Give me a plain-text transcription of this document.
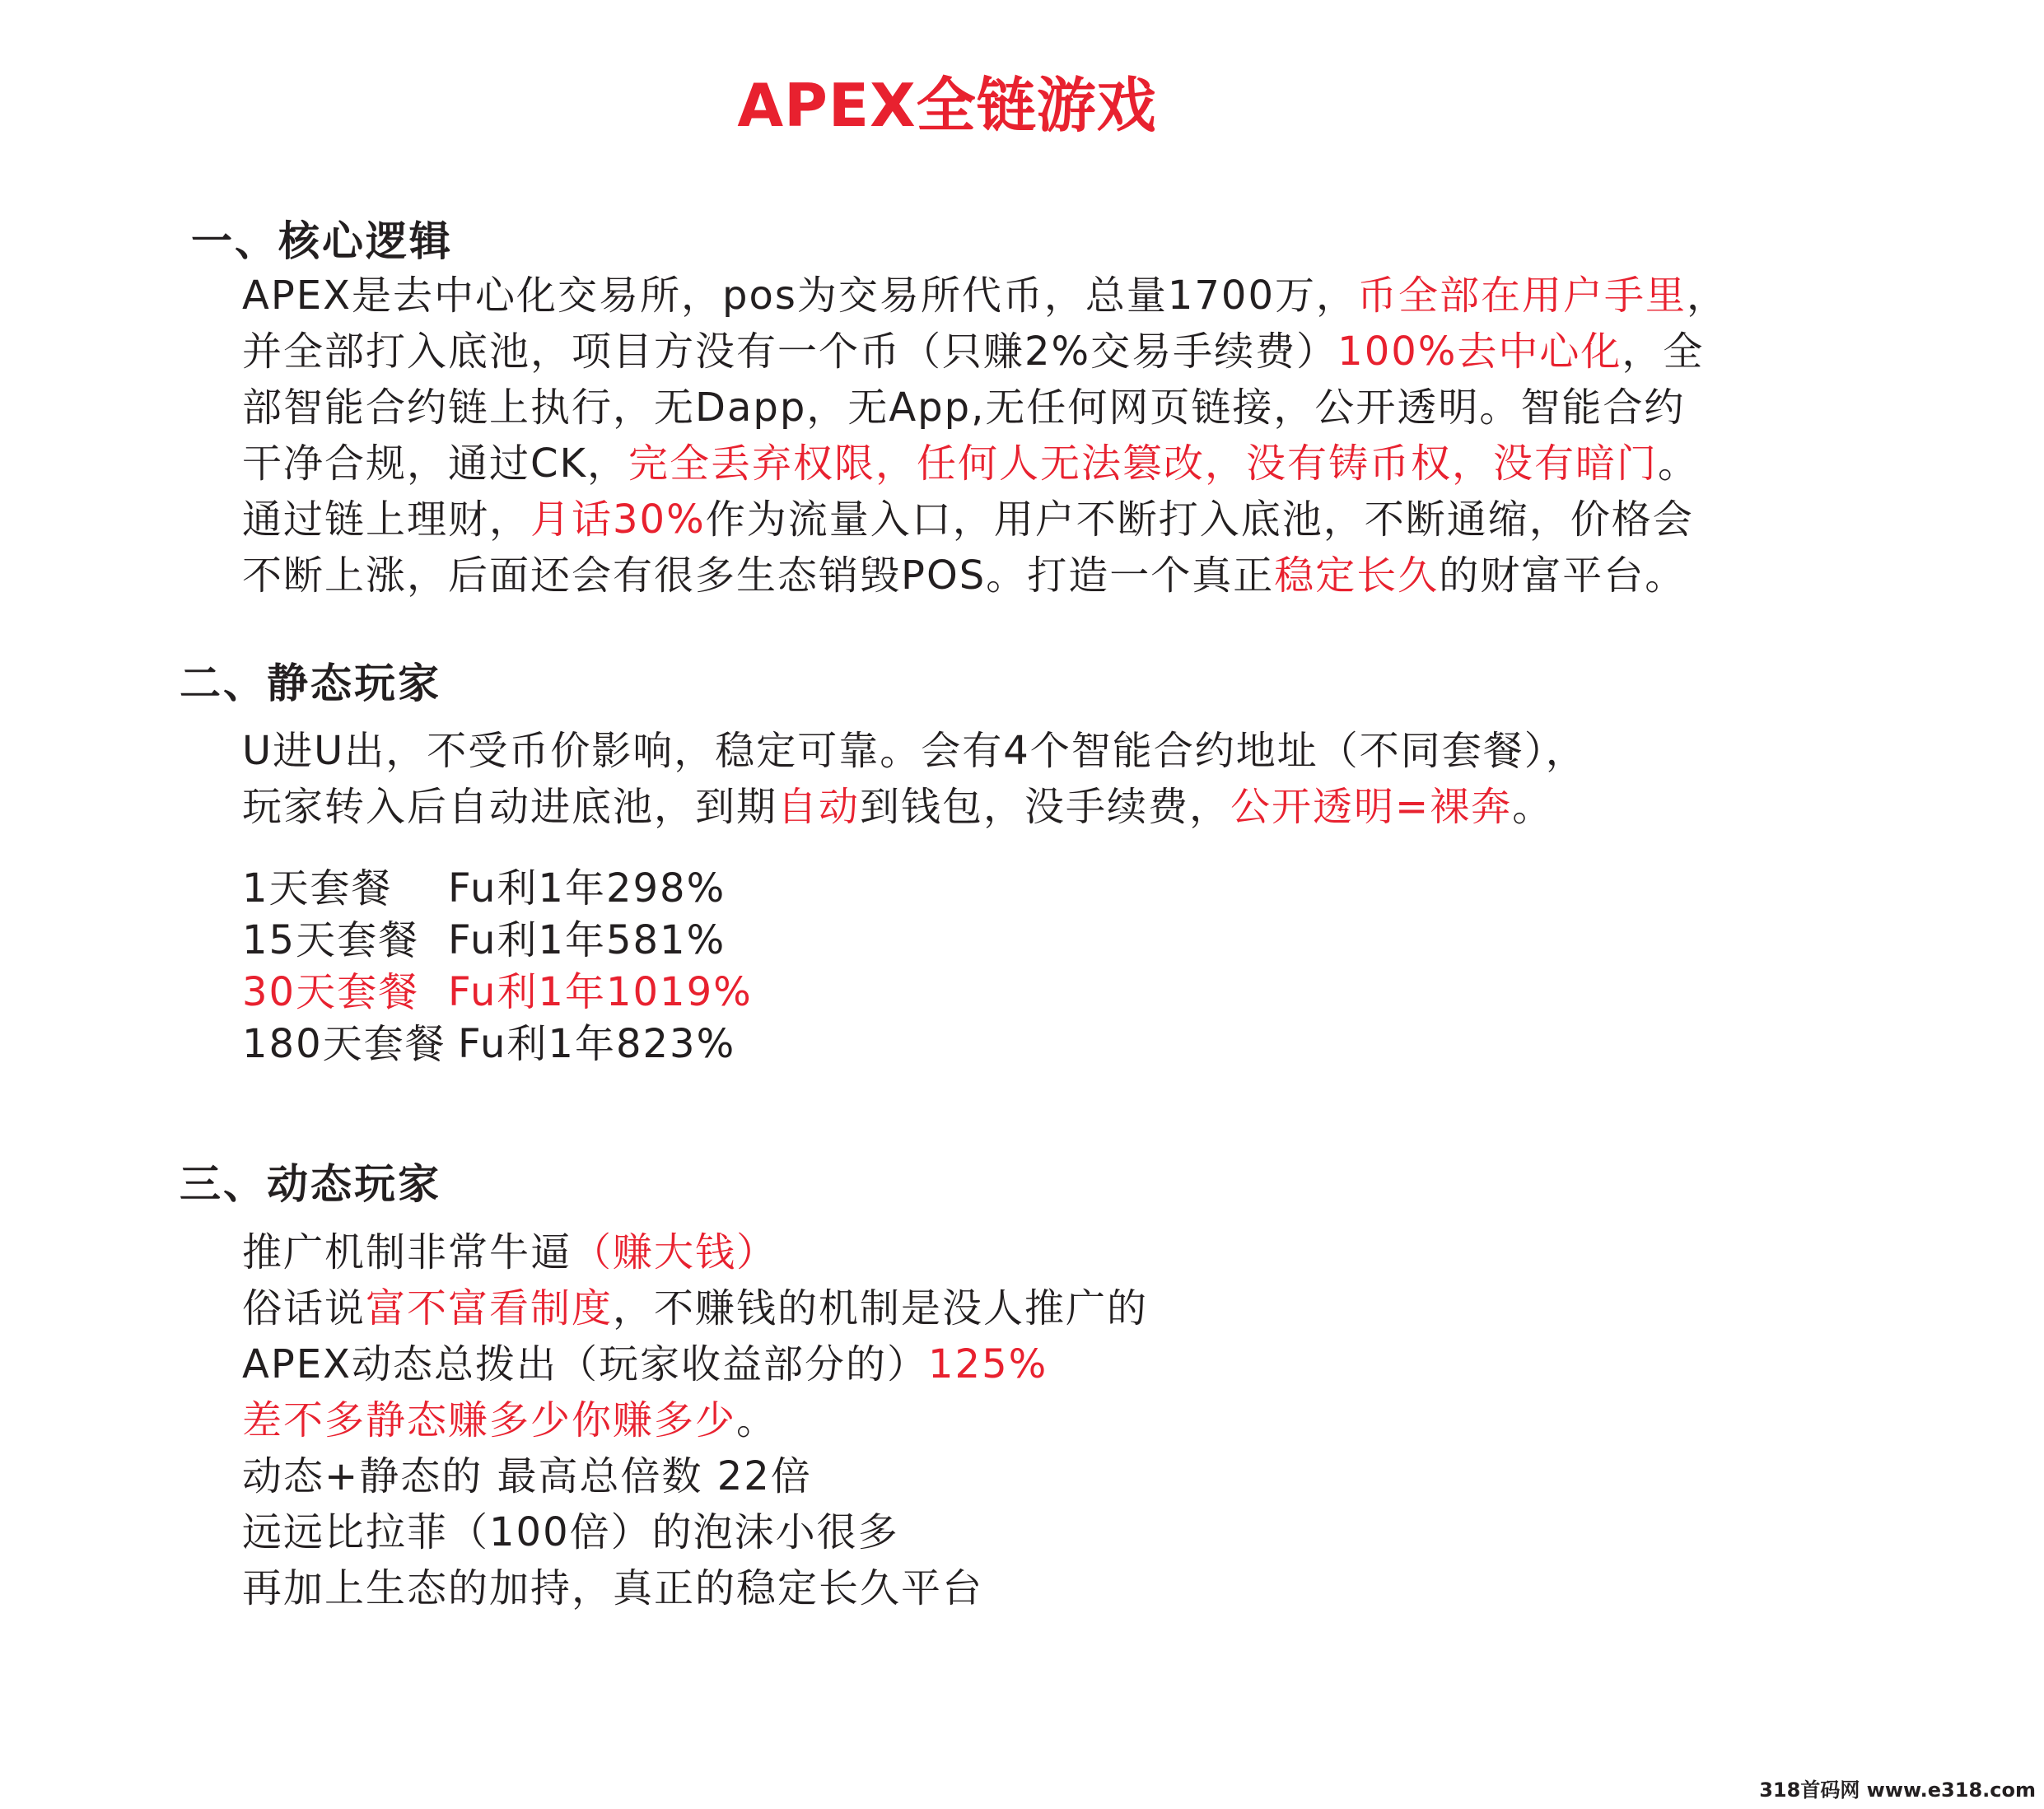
APEX全链游戏
一、核心逻辑
APEX是去中心化交易所，pos为交易所代币，总量1700万，币全部在用户手里，
并全部打入底池，项目方没有一个币（只赚2%交易手续费）100%去中心化，全
部智能合约链上执行，无Dapp，无App,无任何网页链接，公开透明。智能合约
干净合规，通过CK，完全丢弃权限，任何人无法篡改，没有铸币权，没有暗门。
通过链上理财，月话30%作为流量入口，用户不断打入底池，不断通缩，价格会
不断上涨，后面还会有很多生态销毁POS。打造一个真正稳定长久的财富平台。
二、静态玩家
U进U出，不受币价影响，稳定可靠。会有4个智能合约地址（不同套餐），
玩家转入后自动进底池，到期自动到钱包，没手续费，公开透明=裸奔。
1天套餐 Fu利1年298%
15天套餐 Fu利1年581%
30天套餐 Fu利1年1019%
180天套餐 Fu利1年823%
三、动态玩家
推广机制非常牛逼（赚大钱）
俗话说富不富看制度，不赚钱的机制是没人推广的
APEX动态总拨出（玩家收益部分的）125%
差不多静态赚多少你赚多少。
动态+静态的 最高总倍数 22倍
远远比拉菲（100倍）的泡沫小很多
再加上生态的加持，真正的稳定长久平台
318首码网 www.e318.com
